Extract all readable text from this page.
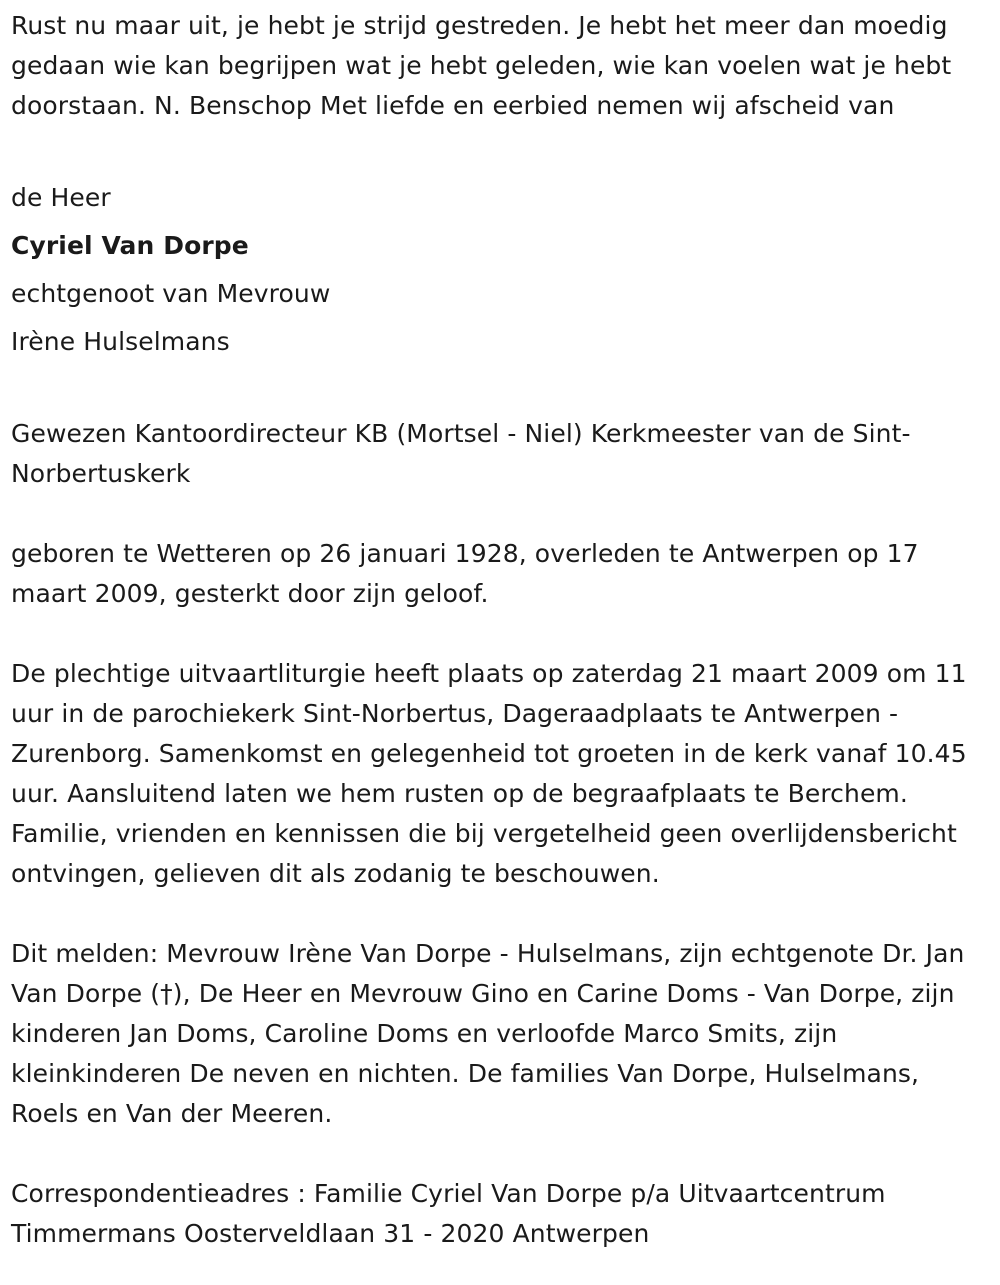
Rust nu maar uit, je hebt je strijd gestreden. Je hebt het meer dan moedig gedaan wie kan begrijpen wat je hebt geleden, wie kan voelen wat je hebt doorstaan. N. Benschop Met liefde en eerbied nemen wij afscheid van

de Heer
Cyriel Van Dorpe
echtgenoot van Mevrouw
Irène Hulselmans

Gewezen Kantoordirecteur KB (Mortsel - Niel) Kerkmeester van de Sint-Norbertuskerk

geboren te Wetteren op 26 januari 1928, overleden te Antwerpen op 17 maart 2009, gesterkt door zijn geloof.

De plechtige uitvaartliturgie heeft plaats op zaterdag 21 maart 2009 om 11 uur in de parochiekerk Sint-Norbertus, Dageraadplaats te Antwerpen - Zurenborg. Samenkomst en gelegenheid tot groeten in de kerk vanaf 10.45 uur. Aansluitend laten we hem rusten op de begraafplaats te Berchem. Familie, vrienden en kennissen die bij vergetelheid geen overlijdensbericht ontvingen, gelieven dit als zodanig te beschouwen.

Dit melden: Mevrouw Irène Van Dorpe - Hulselmans, zijn echtgenote Dr. Jan Van Dorpe (†), De Heer en Mevrouw Gino en Carine Doms - Van Dorpe, zijn kinderen Jan Doms, Caroline Doms en verloofde Marco Smits, zijn kleinkinderen De neven en nichten. De families Van Dorpe, Hulselmans, Roels en Van der Meeren.

Correspondentieadres : Familie Cyriel Van Dorpe p/a Uitvaartcentrum Timmermans Oosterveldlaan 31 - 2020 Antwerpen
